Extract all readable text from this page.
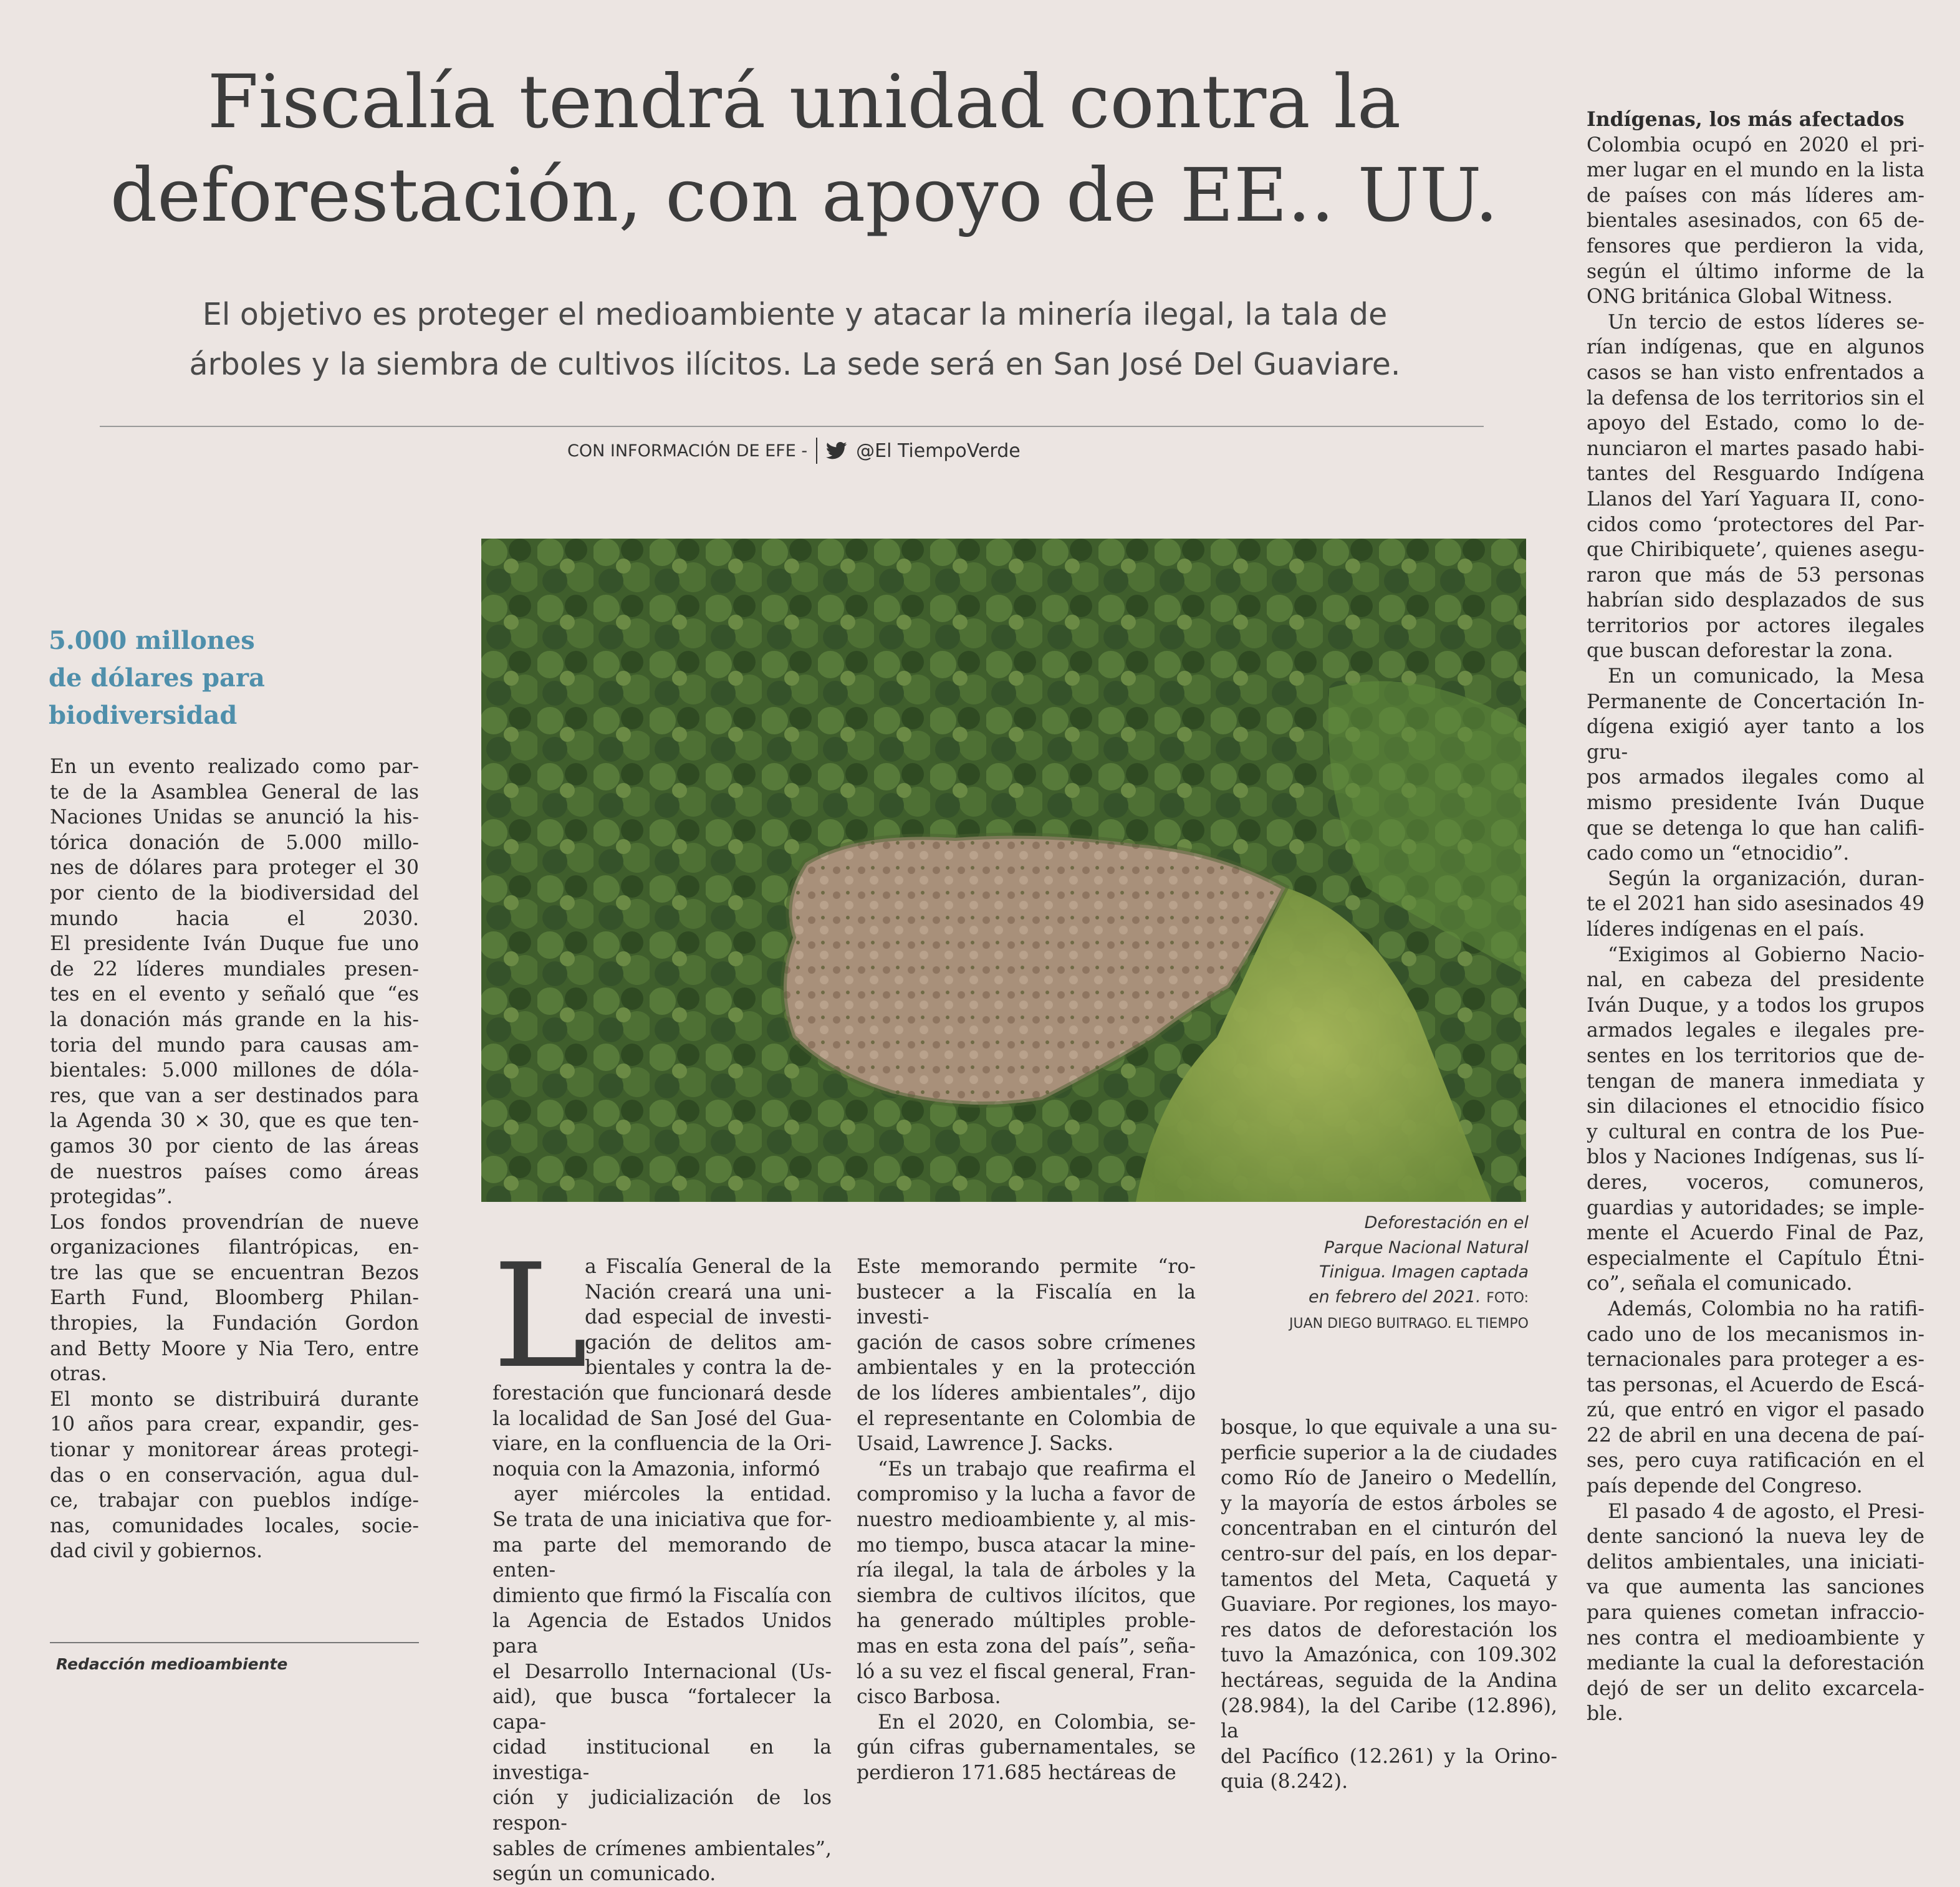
Fiscalía tendrá unidad contra la
deforestación, con apoyo de EE.. UU.

El objetivo es proteger el medioambiente y atacar la minería ilegal, la tala de
árboles y la siembra de cultivos ilícitos. La sede será en San José Del Guaviare.

CON INFORMACIÓN DE EFE -	@El TiempoVerde
5.000 millones
de dólares para
biodiversidad
En un evento realizado como par-
te de la Asamblea General de las
Naciones Unidas se anunció la his-
tórica donación de 5.000 millo-
nes de dólares para proteger el 30
por ciento de la biodiversidad del
mundo hacia el 2030.
El presidente Iván Duque fue uno
de 22 líderes mundiales presen-
tes en el evento y señaló que “es
la donación más grande en la his-
toria del mundo para causas am-
bientales: 5.000 millones de dóla-
res, que van a ser destinados para
la Agenda 30 × 30, que es que ten-
gamos 30 por ciento de las áreas
de nuestros países como áreas
protegidas”.
Los fondos provendrían de nueve
organizaciones filantrópicas, en-
tre las que se encuentran Bezos
Earth Fund, Bloomberg Philan-
thropies, la Fundación Gordon
and Betty Moore y Nia Tero, entre
otras.
El monto se distribuirá durante
10 años para crear, expandir, ges-
tionar y monitorear áreas protegi-
das o en conservación, agua dul-
ce, trabajar con pueblos indíge-
nas, comunidades locales, socie-
dad civil y gobiernos.
Redacción medioambiente

Deforestación en el
Parque Nacional Natural
Tinigua. Imagen captada
en febrero del 2021. FOTO:
JUAN DIEGO BUITRAGO. EL TIEMPO

L
a Fiscalía General de la
Nación creará una uni-
dad especial de investi-
gación de delitos am-
bientales y contra la de-
forestación que funcionará desde
la localidad de San José del Gua-
viare, en la confluencia de la Ori-
noquia con la Amazonia, informó
ayer miércoles la entidad.
Se trata de una iniciativa que for-
ma parte del memorando de enten-
dimiento que firmó la Fiscalía con
la Agencia de Estados Unidos para
el Desarrollo Internacional (Us-
aid), que busca “fortalecer la capa-
cidad institucional en la investiga-
ción y judicialización de los respon-
sables de crímenes ambientales”,
según un comunicado.
Este memorando permite “ro-
bustecer a la Fiscalía en la investi-
gación de casos sobre crímenes
ambientales y en la protección
de los líderes ambientales”, dijo
el representante en Colombia de
Usaid, Lawrence J. Sacks.
“Es un trabajo que reafirma el
compromiso y la lucha a favor de
nuestro medioambiente y, al mis-
mo tiempo, busca atacar la mine-
ría ilegal, la tala de árboles y la
siembra de cultivos ilícitos, que
ha generado múltiples proble-
mas en esta zona del país”, seña-
ló a su vez el fiscal general, Fran-
cisco Barbosa.
En el 2020, en Colombia, se-
gún cifras gubernamentales, se
perdieron 171.685 hectáreas de
bosque, lo que equivale a una su-
perficie superior a la de ciudades
como Río de Janeiro o Medellín,
y la mayoría de estos árboles se
concentraban en el cinturón del
centro-sur del país, en los depar-
tamentos del Meta, Caquetá y
Guaviare. Por regiones, los mayo-
res datos de deforestación los
tuvo la Amazónica, con 109.302
hectáreas, seguida de la Andina
(28.984), la del Caribe (12.896), la
del Pacífico (12.261) y la Orino-
quia (8.242).

Indígenas, los más afectados

Colombia ocupó en 2020 el pri-
mer lugar en el mundo en la lista
de países con más líderes am-
bientales asesinados, con 65 de-
fensores que perdieron la vida,
según el último informe de la
ONG británica Global Witness.
Un tercio de estos líderes se-
rían indígenas, que en algunos
casos se han visto enfrentados a
la defensa de los territorios sin el
apoyo del Estado, como lo de-
nunciaron el martes pasado habi-
tantes del Resguardo Indígena
Llanos del Yarí Yaguara II, cono-
cidos como ‘protectores del Par-
que Chiribiquete’, quienes asegu-
raron que más de 53 personas
habrían sido desplazados de sus
territorios por actores ilegales
que buscan deforestar la zona.
En un comunicado, la Mesa
Permanente de Concertación In-
dígena exigió ayer tanto a los gru-
pos armados ilegales como al
mismo presidente Iván Duque
que se detenga lo que han califi-
cado como un “etnocidio”.
Según la organización, duran-
te el 2021 han sido asesinados 49
líderes indígenas en el país.
“Exigimos al Gobierno Nacio-
nal, en cabeza del presidente
Iván Duque, y a todos los grupos
armados legales e ilegales pre-
sentes en los territorios que de-
tengan de manera inmediata y
sin dilaciones el etnocidio físico
y cultural en contra de los Pue-
blos y Naciones Indígenas, sus lí-
deres, voceros, comuneros,
guardias y autoridades; se imple-
mente el Acuerdo Final de Paz,
especialmente el Capítulo Étni-
co”, señala el comunicado.
Además, Colombia no ha ratifi-
cado uno de los mecanismos in-
ternacionales para proteger a es-
tas personas, el Acuerdo de Escá-
zú, que entró en vigor el pasado
22 de abril en una decena de paí-
ses, pero cuya ratificación en el
país depende del Congreso.
El pasado 4 de agosto, el Presi-
dente sancionó la nueva ley de
delitos ambientales, una iniciati-
va que aumenta las sanciones
para quienes cometan infraccio-
nes contra el medioambiente y
mediante la cual la deforestación
dejó de ser un delito excarcela-
ble.
